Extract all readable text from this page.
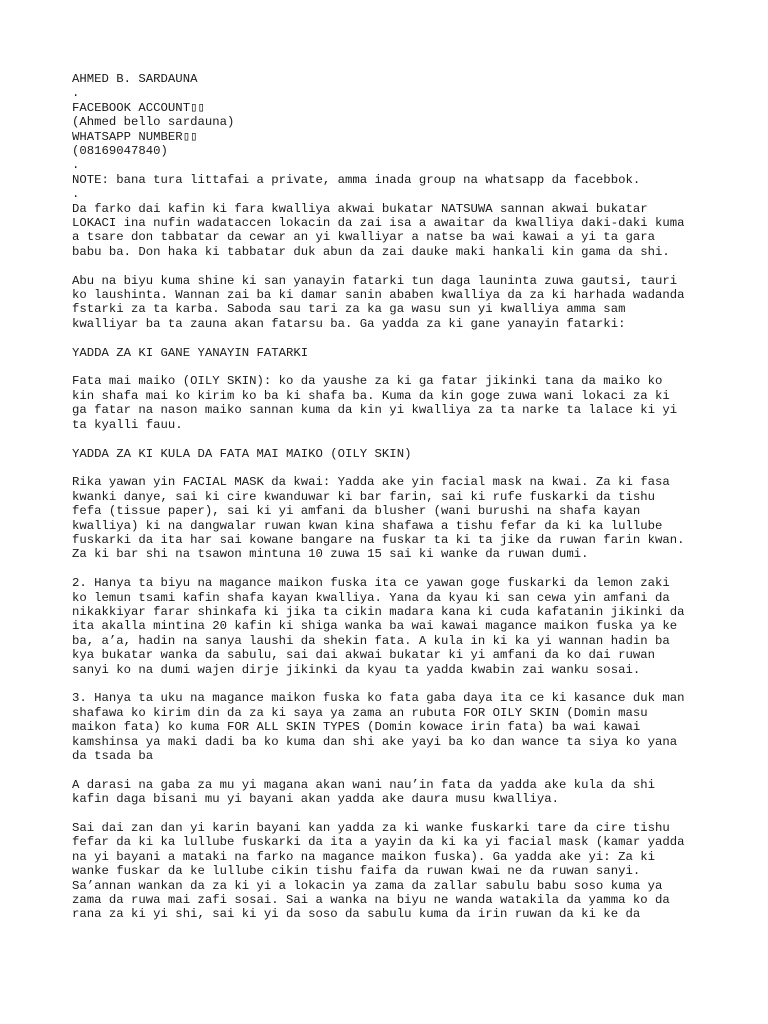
AHMED B. SARDAUNA
.
FACEBOOK ACCOUNT▯▯
(Ahmed bello sardauna)
WHATSAPP NUMBER▯▯
(08169047840)
.
NOTE: bana tura littafai a private, amma inada group na whatsapp da facebbok.
.

Da farko dai kafin ki fara kwalliya akwai bukatar NATSUWA sannan akwai bukatar
LOKACI ina nufin wadataccen lokacin da zai isa a awaitar da kwalliya daki-daki kuma
a tsare don tabbatar da cewar an yi kwalliyar a natse ba wai kawai a yi ta gara
babu ba. Don haka ki tabbatar duk abun da zai dauke maki hankali kin gama da shi.

Abu na biyu kuma shine ki san yanayin fatarki tun daga launinta zuwa gautsi, tauri
ko laushinta. Wannan zai ba ki damar sanin ababen kwalliya da za ki harhada wadanda
fstarki za ta karba. Saboda sau tari za ka ga wasu sun yi kwalliya amma sam
kwalliyar ba ta zauna akan fatarsu ba. Ga yadda za ki gane yanayin fatarki:

YADDA ZA KI GANE YANAYIN FATARKI

Fata mai maiko (OILY SKIN): ko da yaushe za ki ga fatar jikinki tana da maiko ko
kin shafa mai ko kirim ko ba ki shafa ba. Kuma da kin goge zuwa wani lokaci za ki
ga fatar na nason maiko sannan kuma da kin yi kwalliya za ta narke ta lalace ki yi
ta kyalli fauu.

YADDA ZA KI KULA DA FATA MAI MAIKO (OILY SKIN)

Rika yawan yin FACIAL MASK da kwai: Yadda ake yin facial mask na kwai. Za ki fasa
kwanki danye, sai ki cire kwanduwar ki bar farin, sai ki rufe fuskarki da tishu
fefa (tissue paper), sai ki yi amfani da blusher (wani burushi na shafa kayan
kwalliya) ki na dangwalar ruwan kwan kina shafawa a tishu fefar da ki ka lullube
fuskarki da ita har sai kowane bangare na fuskar ta ki ta jike da ruwan farin kwan.
Za ki bar shi na tsawon mintuna 10 zuwa 15 sai ki wanke da ruwan dumi.

2. Hanya ta biyu na magance maikon fuska ita ce yawan goge fuskarki da lemon zaki
ko lemun tsami kafin shafa kayan kwalliya. Yana da kyau ki san cewa yin amfani da
nikakkiyar farar shinkafa ki jika ta cikin madara kana ki cuda kafatanin jikinki da
ita akalla mintina 20 kafin ki shiga wanka ba wai kawai magance maikon fuska ya ke
ba, a’a, hadin na sanya laushi da shekin fata. A kula in ki ka yi wannan hadin ba
kya bukatar wanka da sabulu, sai dai akwai bukatar ki yi amfani da ko dai ruwan
sanyi ko na dumi wajen dirje jikinki da kyau ta yadda kwabin zai wanku sosai.

3. Hanya ta uku na magance maikon fuska ko fata gaba daya ita ce ki kasance duk man
shafawa ko kirim din da za ki saya ya zama an rubuta FOR OILY SKIN (Domin masu
maikon fata) ko kuma FOR ALL SKIN TYPES (Domin kowace irin fata) ba wai kawai
kamshinsa ya maki dadi ba ko kuma dan shi ake yayi ba ko dan wance ta siya ko yana
da tsada ba

A darasi na gaba za mu yi magana akan wani nau’in fata da yadda ake kula da shi
kafin daga bisani mu yi bayani akan yadda ake daura musu kwalliya.

Sai dai zan dan yi karin bayani kan yadda za ki wanke fuskarki tare da cire tishu
fefar da ki ka lullube fuskarki da ita a yayin da ki ka yi facial mask (kamar yadda
na yi bayani a mataki na farko na magance maikon fuska). Ga yadda ake yi: Za ki
wanke fuskar da ke lullube cikin tishu faifa da ruwan kwai ne da ruwan sanyi.
Sa’annan wankan da za ki yi a lokacin ya zama da zallar sabulu babu soso kuma ya
zama da ruwa mai zafi sosai. Sai a wanka na biyu ne wanda watakila da yamma ko da
rana za ki yi shi, sai ki yi da soso da sabulu kuma da irin ruwan da ki ke da
